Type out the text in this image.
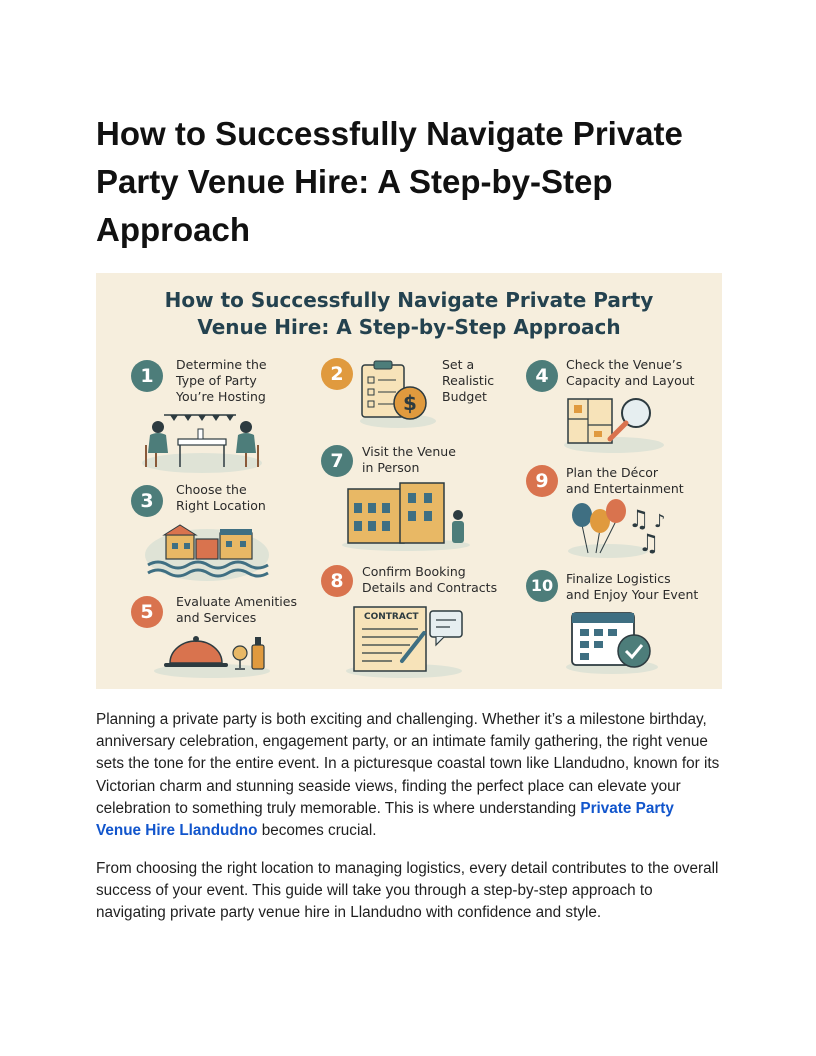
How to Successfully Navigate Private Party Venue Hire: A Step-by-Step Approach
How to Successfully Navigate Private Party
Venue Hire: A Step-by-Step Approach
1
Determine the
Type of Party
You’re Hosting
2	Set a
Realistic
Budget
$
4
Check the Venue’s
Capacity and Layout
7	Visit the Venue
in Person
3
Choose the
Right Location
9	Plan the Décor
and Entertainment
♫ ♪
♫
8	Confirm Booking
Details and Contracts
CONTRACT
5	Evaluate Amenities
and Services
10	Finalize Logistics
and Enjoy Your Event

Planning a private party is both exciting and challenging. Whether it’s a milestone birthday, anniversary celebration, engagement party, or an intimate family gathering, the right venue sets the tone for the entire event. In a picturesque coastal town like Llandudno, known for its Victorian charm and stunning seaside views, finding the perfect place can elevate your celebration to something truly memorable. This is where understanding Private Party Venue Hire Llandudno becomes crucial.

From choosing the right location to managing logistics, every detail contributes to the overall success of your event. This guide will take you through a step-by-step approach to navigating private party venue hire in Llandudno with confidence and style.
